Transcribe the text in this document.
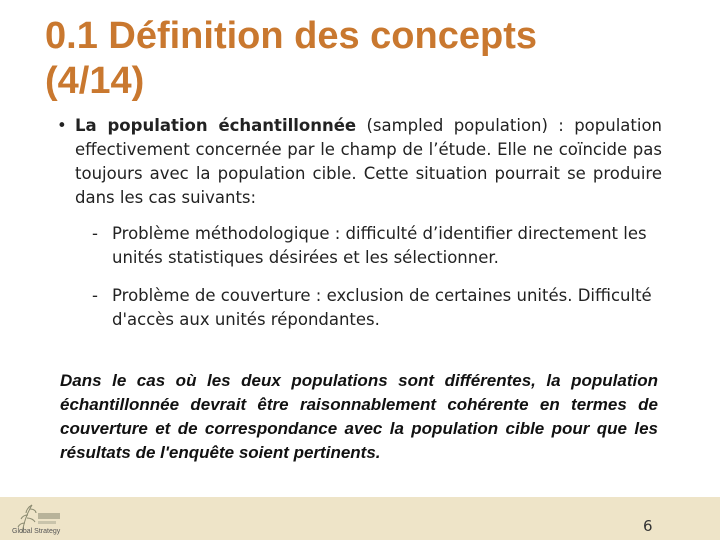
0.1 Définition des concepts
(4/14)
• La population échantillonnée (sampled population) : population effectivement concernée par le champ de l’étude. Elle ne coïncide pas toujours avec la population cible. Cette situation pourrait se produire dans les cas suivants:
- Problème méthodologique : difficulté d’identifier directement les unités statistiques désirées et les sélectionner.
- Problème de couverture : exclusion de certaines unités. Difficulté d'accès aux unités répondantes.

Dans le cas où les deux populations sont différentes, la population échantillonnée devrait être raisonnablement cohérente en termes de couverture et de correspondance avec la population cible pour que les résultats de l'enquête soient pertinents.

Global Strategy	6
